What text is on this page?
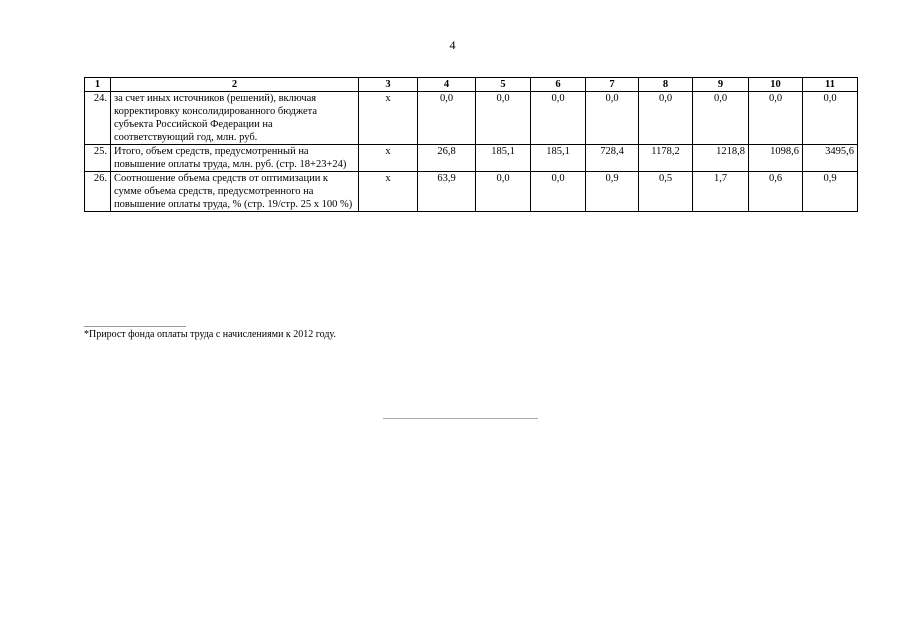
4
1	2	3	4	5	6	7	8	9	10	11
24.	за счет иных источников (решений), включая корректировку консолидированного бюджета субъекта Российской Федерации на соответствующий год, млн. руб.	х	0,0	0,0	0,0	0,0	0,0	0,0	0,0	0,0
25.	Итого, объем средств, предусмотренный на повышение оплаты труда, млн. руб. (стр. 18+23+24)	х	26,8	185,1	185,1	728,4	1178,2	1218,8	1098,6	3495,6
26.	Соотношение объема средств от оптимизации к сумме объема средств, предусмотренного на повышение оплаты труда, % (стр. 19/стр. 25 х 100 %)	х	63,9	0,0	0,0	0,9	0,5	1,7	0,6	0,9
*Прирост фонда оплаты труда с начислениями к 2012 году.
